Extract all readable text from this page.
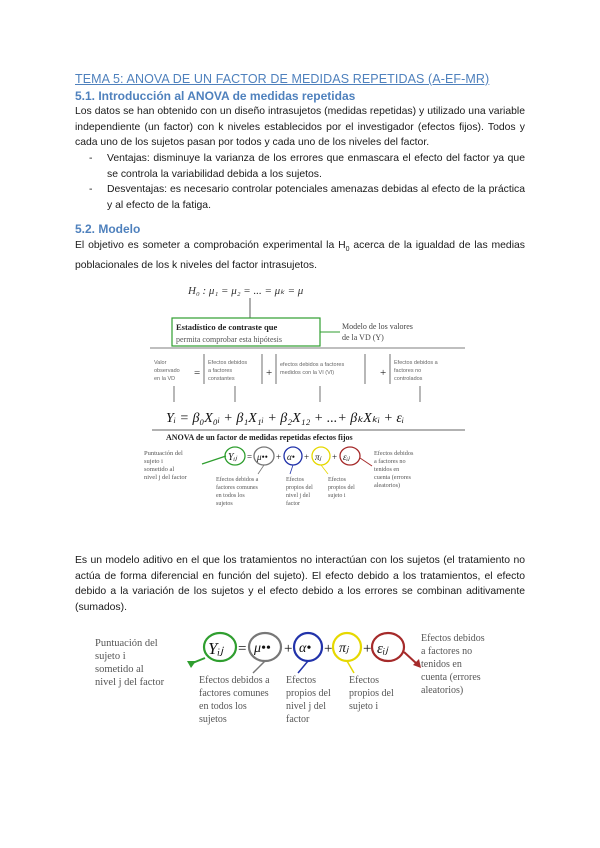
TEMA 5: ANOVA DE UN FACTOR DE MEDIDAS REPETIDAS (A-EF-MR)
5.1. Introducción al ANOVA de medidas repetidas
Los datos se han obtenido con un diseño intrasujetos (medidas repetidas) y utilizado una variable independiente (un factor) con k niveles establecidos por el investigador (efectos fijos). Todos y cada uno de los sujetos pasan por todos y cada uno de los niveles del factor.
- Ventajas: disminuye la varianza de los errores que enmascara el efecto del factor ya que se controla la variabilidad debida a los sujetos.
- Desventajas: es necesario controlar potenciales amenazas debidas al efecto de la práctica y al efecto de la fatiga.
5.2. Modelo
El objetivo es someter a comprobación experimental la $H_0$ acerca de la igualdad de las medias poblacionales de los k niveles del factor intrasujetos.
H₀ : μ₁ = μ₂ = ... = μₖ = μ
Estadístico de contraste que
permita comprobar esta hipótesis
Modelo de los valores
de la VD (Y)
Valor
observado
en la VD =
Efectos debidos
a factores
constantes	+
efectos debidos a factores
medidos con la VI (VI)	+
Efectos debidos a
factores no
controlados
Yᵢ = β₀X₀ᵢ + β₁X₁ᵢ + β₂X₁₂ + ...+ βₖXₖᵢ + εᵢ
ANOVA de un factor de medidas repetidas efectos fijos
Puntuación del
sujeto i
sometido al
nivel j del factor
Yᵢⱼ = μ•• + α• + πⱼ + εᵢⱼ	Efectos debidos
a factores no
tenidos en
cuenta (errores
aleatorios)
Efectos debidos a
factores comunes
en todos los
sujetos
Efectos
propios del
nivel j del
factor
Efectos
propios del
sujeto i
Es un modelo aditivo en el que los tratamientos no interactúan con los sujetos (el tratamiento no actúa de forma diferencial en función del sujeto). El efecto debido a los tratamientos, el efecto debido a la variación de los sujetos y el efecto debido a los errores se combinan aditivamente (sumados).
Puntuación del
sujeto i
sometido al
nivel j del factor
Yᵢⱼ = μ•• + α• + πⱼ + εᵢⱼ
Efectos debidos
a factores no
tenidos en
cuenta (errores
aleatorios)
Efectos debidos a
factores comunes
en todos los
sujetos
Efectos
propios del
nivel j del
factor
Efectos
propios del
sujeto i
